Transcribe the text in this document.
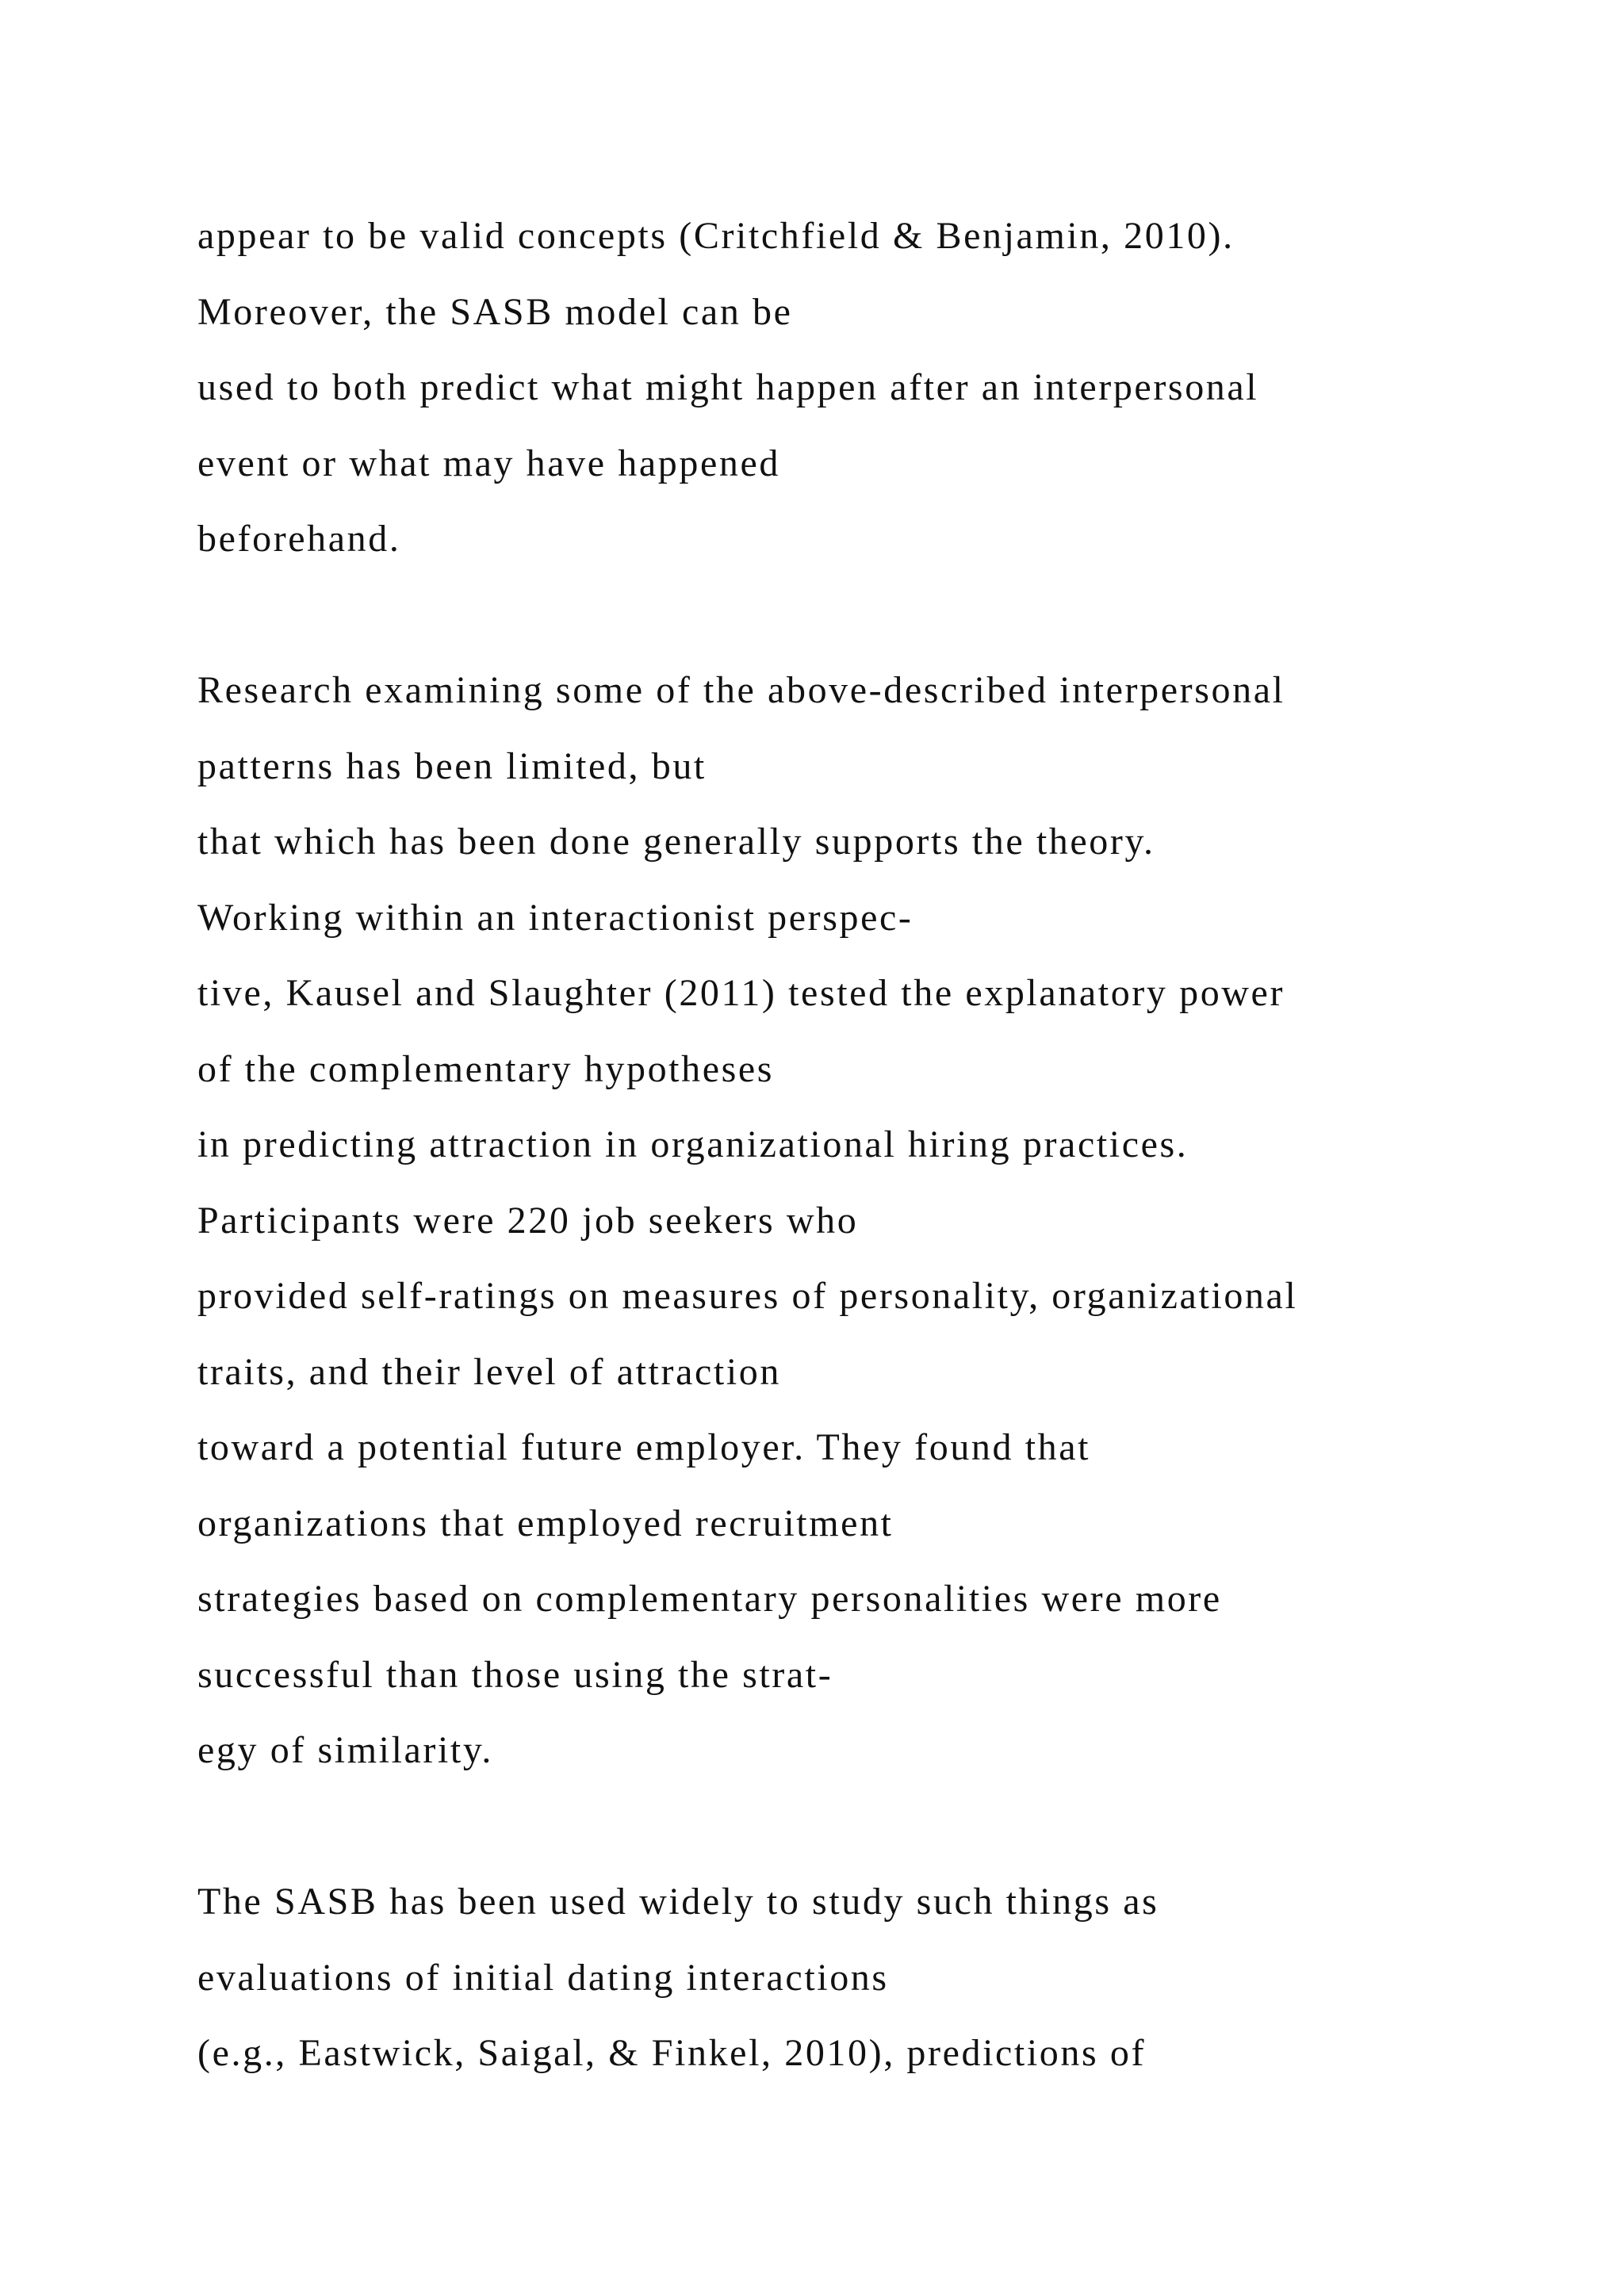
appear to be valid concepts (Critchfield & Benjamin, 2010).
Moreover, the SASB model can be
used to both predict what might happen after an interpersonal
event or what may have happened
beforehand.
Research examining some of the above-described interpersonal
patterns has been limited, but
that which has been done generally supports the theory.
Working within an interactionist perspec-
tive, Kausel and Slaughter (2011) tested the explanatory power
of the complementary hypotheses
in predicting attraction in organizational hiring practices.
Participants were 220 job seekers who
provided self-ratings on measures of personality, organizational
traits, and their level of attraction
toward a potential future employer. They found that
organizations that employed recruitment
strategies based on complementary personalities were more
successful than those using the strat-
egy of similarity.
The SASB has been used widely to study such things as
evaluations of initial dating interactions
(e.g., Eastwick, Saigal, & Finkel, 2010), predictions of
